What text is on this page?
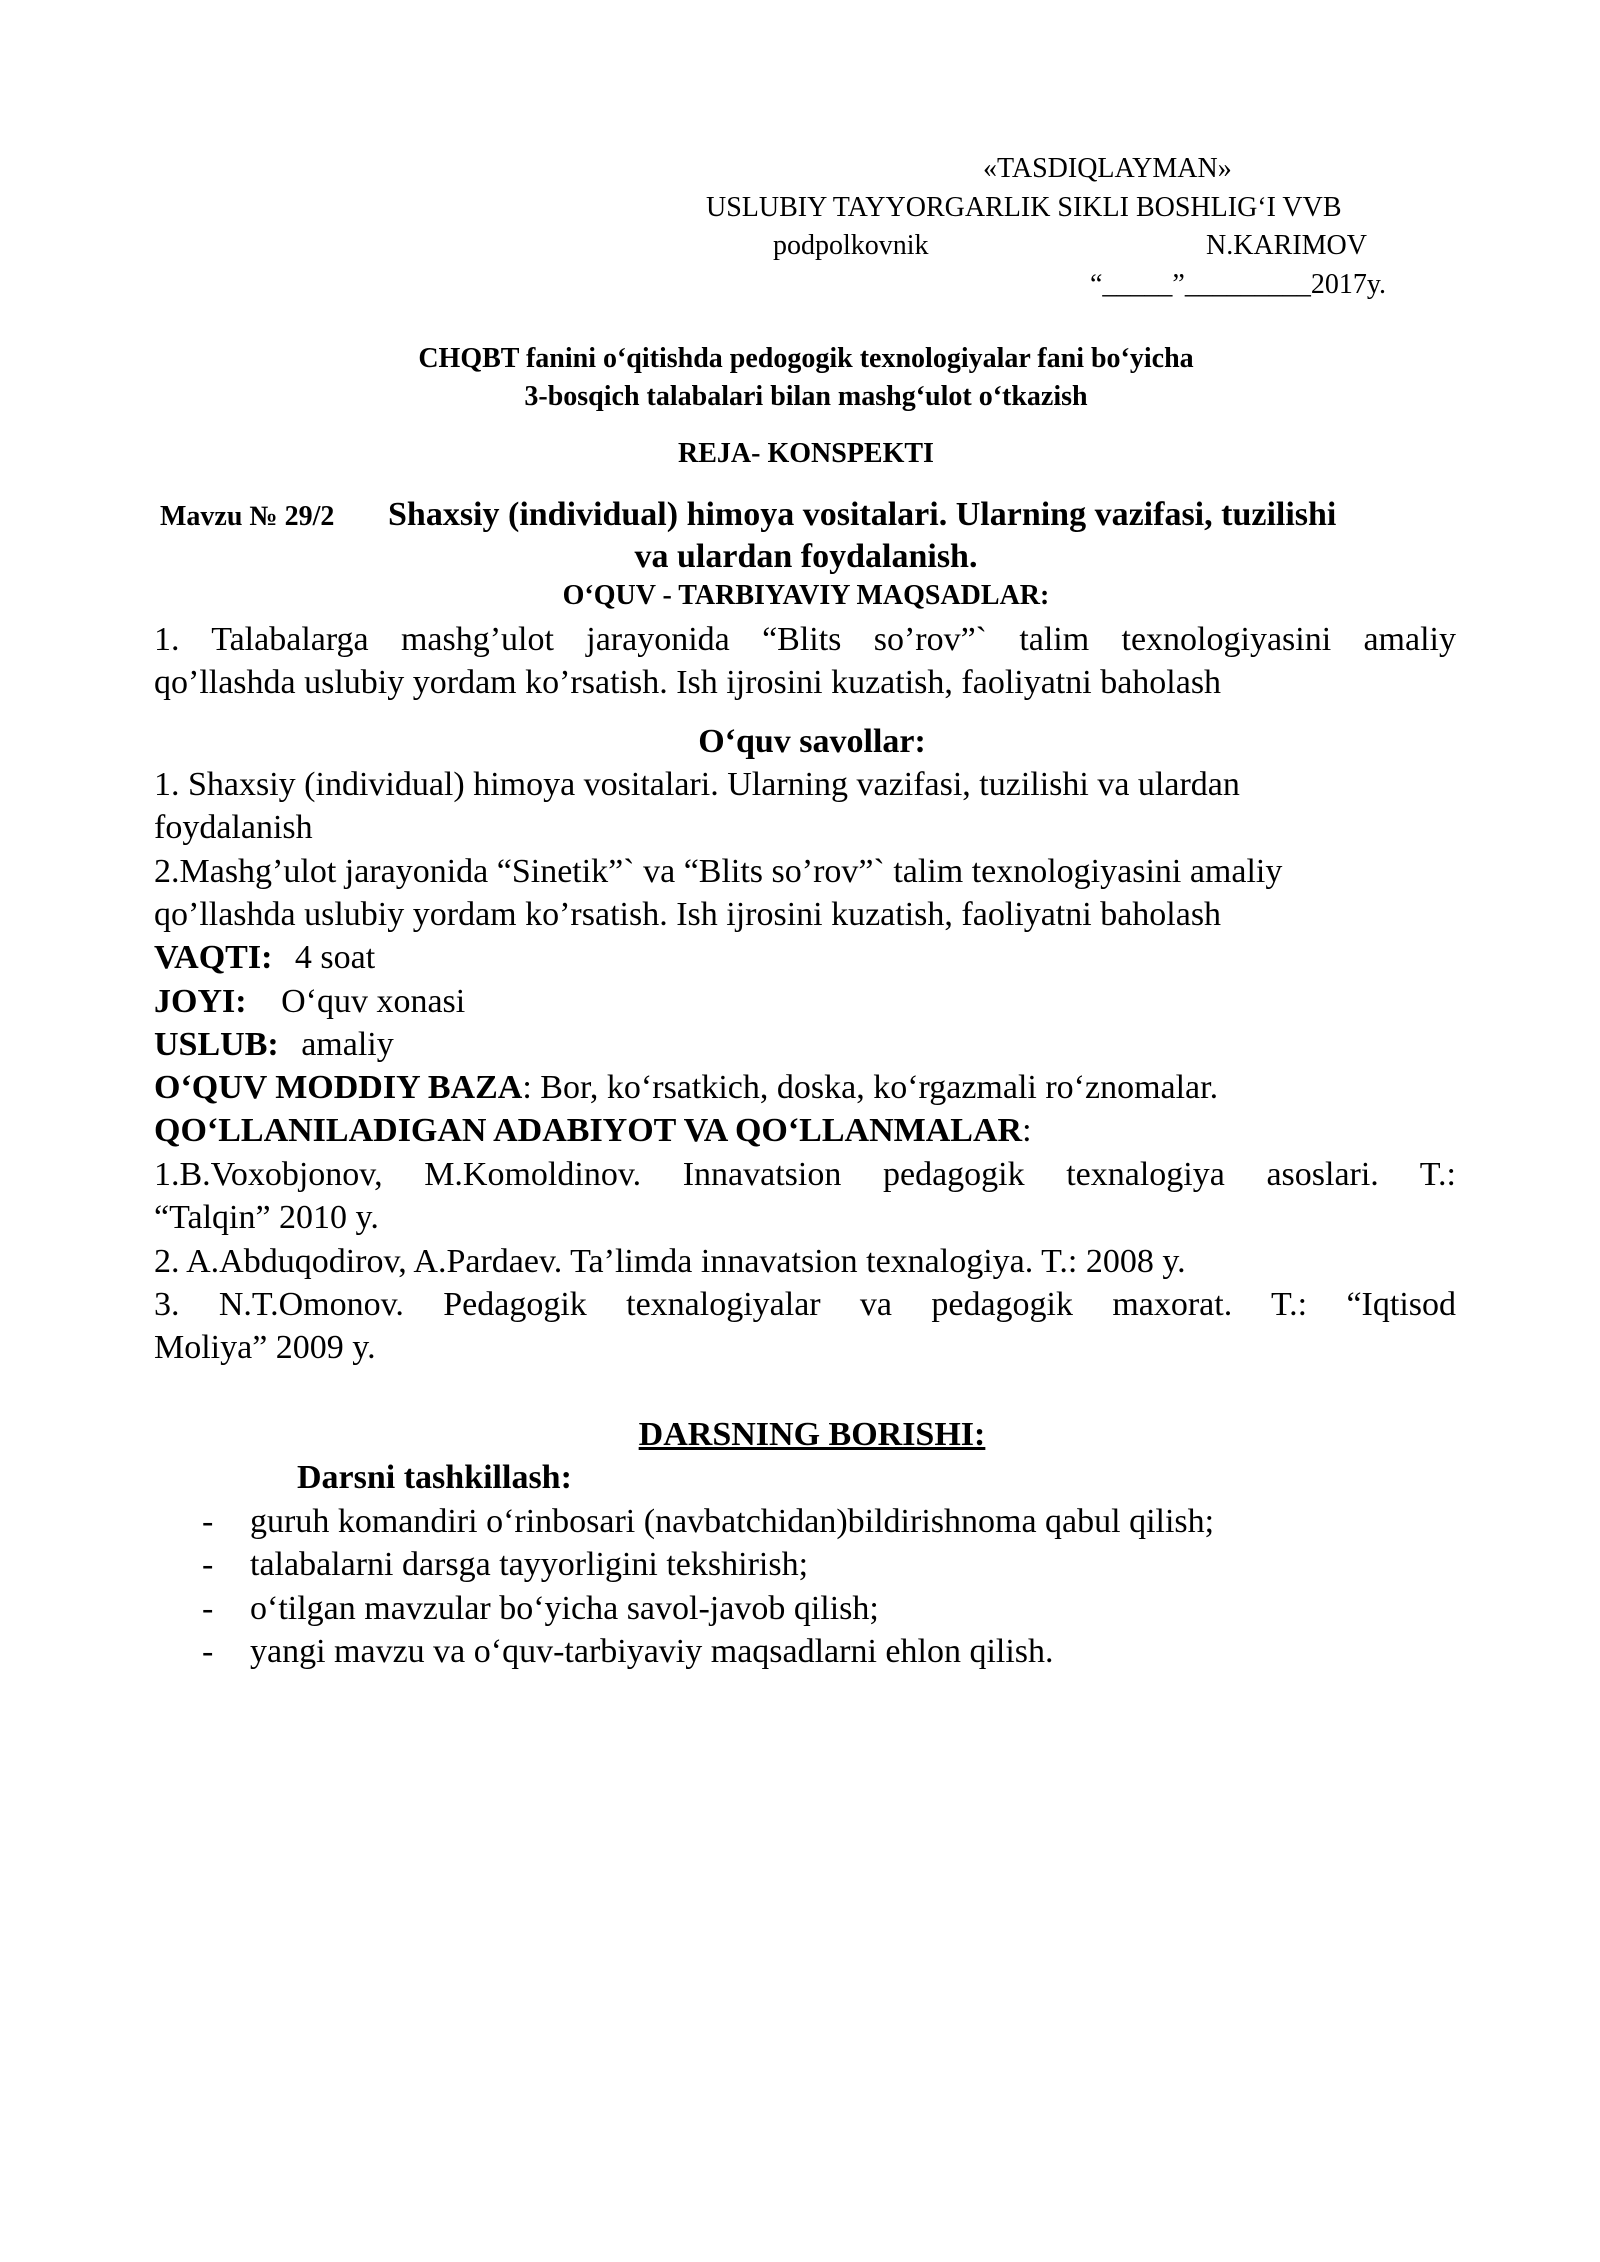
«TASDIQLAYMAN»
USLUBIY TAYYORGARLIK SIKLI BOSHLIG‘I VVB
podpolkovnik	N.KARIMOV
“_____”_________2017y.
CHQBT fanini o‘qitishda pedogogik texnologiyalar fani bo‘yicha
3-bosqich talabalari bilan mashg‘ulot o‘tkazish
REJA- KONSPEKTI
Mavzu № 29/2 Shaxsiy (individual) himoya vositalari. Ularning vazifasi, tuzilishi
va ulardan foydalanish.
O‘QUV - TARBIYAVIY MAQSADLAR:
1. Talabalarga mashg’ulot jarayonida “Blits so’rov”` talim texnologiyasini amaliy
qo’llashda uslubiy yordam ko’rsatish. Ish ijrosini kuzatish, faoliyatni baholash
O‘quv savollar:
1. Shaxsiy (individual) himoya vositalari. Ularning vazifasi, tuzilishi va ulardan
foydalanish
2.Mashg’ulot jarayonida “Sinetik”` va “Blits so’rov”` talim texnologiyasini amaliy
qo’llashda uslubiy yordam ko’rsatish. Ish ijrosini kuzatish, faoliyatni baholash
VAQTI: 4 soat
JOYI: O‘quv xonasi
USLUB: amaliy
O‘QUV MODDIY BAZA: Bor, ko‘rsatkich, doska, ko‘rgazmali ro‘znomalar.
QO‘LLANILADIGAN ADABIYOT VA QO‘LLANMALAR:
1.B.Voxobjonov, M.Komoldinov. Innavatsion pedagogik texnalogiya asoslari. T.:
“Talqin” 2010 y.
2. A.Abduqodirov, A.Pardaev. Ta’limda innavatsion texnalogiya. T.: 2008 y.
3. N.T.Omonov. Pedagogik texnalogiyalar va pedagogik maxorat. T.: “Iqtisod
Moliya” 2009 y.
DARSNING BORISHI:
Darsni tashkillash:
- guruh komandiri o‘rinbosari (navbatchidan)bildirishnoma qabul qilish;
- talabalarni darsga tayyorligini tekshirish;
- o‘tilgan mavzular bo‘yicha savol-javob qilish;
- yangi mavzu va o‘quv-tarbiyaviy maqsadlarni ehlon qilish.
